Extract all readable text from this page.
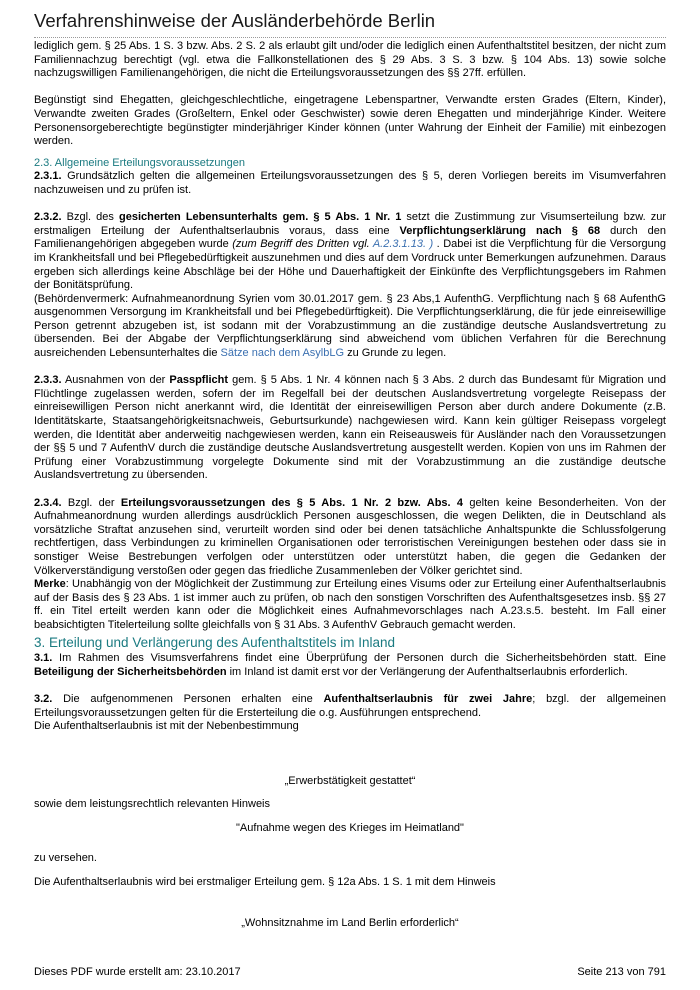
Verfahrenshinweise der Ausländerbehörde Berlin

lediglich gem. § 25 Abs. 1 S. 3 bzw. Abs. 2 S. 2 als erlaubt gilt und/oder die lediglich einen Aufenthaltstitel besitzen, der nicht zum Familiennachzug berechtigt (vgl. etwa die Fallkonstellationen des § 29 Abs. 3 S. 3 bzw. § 104 Abs. 13) sowie solche nachzugswilligen Familienangehörigen, die nicht die Erteilungsvoraussetzungen des §§ 27ff. erfüllen.

Begünstigt sind Ehegatten, gleichgeschlechtliche, eingetragene Lebenspartner, Verwandte ersten Grades (Eltern, Kinder), Verwandte zweiten Grades (Großeltern, Enkel oder Geschwister) sowie deren Ehegatten und minderjährige Kinder. Weitere Personensorgeberechtigte begünstigter minderjähriger Kinder können (unter Wahrung der Einheit der Familie) mit einbezogen werden.

2.3. Allgemeine Erteilungsvoraussetzungen

2.3.1. Grundsätzlich gelten die allgemeinen Erteilungsvoraussetzungen des § 5, deren Vorliegen bereits im Visumverfahren nachzuweisen und zu prüfen ist.

2.3.2. Bzgl. des gesicherten Lebensunterhalts gem. § 5 Abs. 1 Nr. 1 setzt die Zustimmung zur Visumserteilung bzw. zur erstmaligen Erteilung der Aufenthaltserlaubnis voraus, dass eine Verpflichtungserklärung nach § 68 durch den Familienangehörigen abgegeben wurde (zum Begriff des Dritten vgl. A.2.3.1.13. ) . Dabei ist die Verpflichtung für die Versorgung im Krankheitsfall und bei Pflegebedürftigkeit auszunehmen und dies auf dem Vordruck unter Bemerkungen aufzunehmen. Daraus ergeben sich allerdings keine Abschläge bei der Höhe und Dauerhaftigkeit der Einkünfte des Verpflichtungsgebers im Rahmen der Bonitätsprüfung.

(Behördenvermerk: Aufnahmeanordnung Syrien vom 30.01.2017 gem. § 23 Abs,1 AufenthG. Verpflichtung nach § 68 AufenthG ausgenommen Versorgung im Krankheitsfall und bei Pflegebedürftigkeit). Die Verpflichtungserklärung, die für jede einreisewillige Person getrennt abzugeben ist, ist sodann mit der Vorabzustimmung an die zuständige deutsche Auslandsvertretung zu übersenden. Bei der Abgabe der Verpflichtungserklärung sind abweichend vom üblichen Verfahren für die Berechnung ausreichenden Lebensunterhaltes die Sätze nach dem AsylbLG zu Grunde zu legen.

2.3.3. Ausnahmen von der Passpflicht gem. § 5 Abs. 1 Nr. 4 können nach § 3 Abs. 2 durch das Bundesamt für Migration und Flüchtlinge zugelassen werden, sofern der im Regelfall bei der deutschen Auslandsvertretung vorgelegte Reisepass der einreisewilligen Person nicht anerkannt wird, die Identität der einreisewilligen Person aber durch andere Dokumente (z.B. Identitätskarte, Staatsangehörigkeitsnachweis, Geburtsurkunde) nachgewiesen wird. Kann kein gültiger Reisepass vorgelegt werden, die Identität aber anderweitig nachgewiesen werden, kann ein Reiseausweis für Ausländer nach den Voraussetzungen der §§ 5 und 7 AufenthV durch die zuständige deutsche Auslandsvertretung ausgestellt werden. Kopien von uns im Rahmen der Prüfung einer Vorabzustimmung vorgelegte Dokumente sind mit der Vorabzustimmung an die zuständige deutsche Auslandsvertretung zu übersenden.

2.3.4. Bzgl. der Erteilungsvoraussetzungen des § 5 Abs. 1 Nr. 2 bzw. Abs. 4 gelten keine Besonderheiten. Von der Aufnahmeanordnung wurden allerdings ausdrücklich Personen ausgeschlossen, die wegen Delikten, die in Deutschland als vorsätzliche Straftat anzusehen sind, verurteilt worden sind oder bei denen tatsächliche Anhaltspunkte die Schlussfolgerung rechtfertigen, dass Verbindungen zu kriminellen Organisationen oder terroristischen Vereinigungen bestehen oder dass sie in sonstiger Weise Bestrebungen verfolgen oder unterstützen oder unterstützt haben, die gegen die Gedanken der Völkerverständigung verstoßen oder gegen das friedliche Zusammenleben der Völker gerichtet sind.

Merke: Unabhängig von der Möglichkeit der Zustimmung zur Erteilung eines Visums oder zur Erteilung einer Aufenthaltserlaubnis auf der Basis des § 23 Abs. 1 ist immer auch zu prüfen, ob nach den sonstigen Vorschriften des Aufenthaltsgesetzes insb. §§ 27 ff. ein Titel erteilt werden kann oder die Möglichkeit eines Aufnahmevorschlages nach A.23.s.5. besteht. Im Fall einer beabsichtigten Titelerteilung sollte gleichfalls von § 31 Abs. 3 AufenthV Gebrauch gemacht werden.

3. Erteilung und Verlängerung des Aufenthaltstitels im Inland

3.1. Im Rahmen des Visumsverfahrens findet eine Überprüfung der Personen durch die Sicherheitsbehörden statt. Eine Beteiligung der Sicherheitsbehörden im Inland ist damit erst vor der Verlängerung der Aufenthaltserlaubnis erforderlich.

3.2. Die aufgenommenen Personen erhalten eine Aufenthaltserlaubnis für zwei Jahre; bzgl. der allgemeinen Erteilungsvoraussetzungen gelten für die Ersterteilung die o.g. Ausführungen entsprechend.

Die Aufenthaltserlaubnis ist mit der Nebenbestimmung

„Erwerbstätigkeit gestattet“

sowie dem leistungsrechtlich relevanten Hinweis

"Aufnahme wegen des Krieges im Heimatland"

zu versehen.

Die Aufenthaltserlaubnis wird bei erstmaliger Erteilung gem. § 12a Abs. 1 S. 1 mit dem Hinweis

„Wohnsitznahme im Land Berlin erforderlich“

Dieses PDF wurde erstellt am: 23.10.2017	Seite 213 von 791
